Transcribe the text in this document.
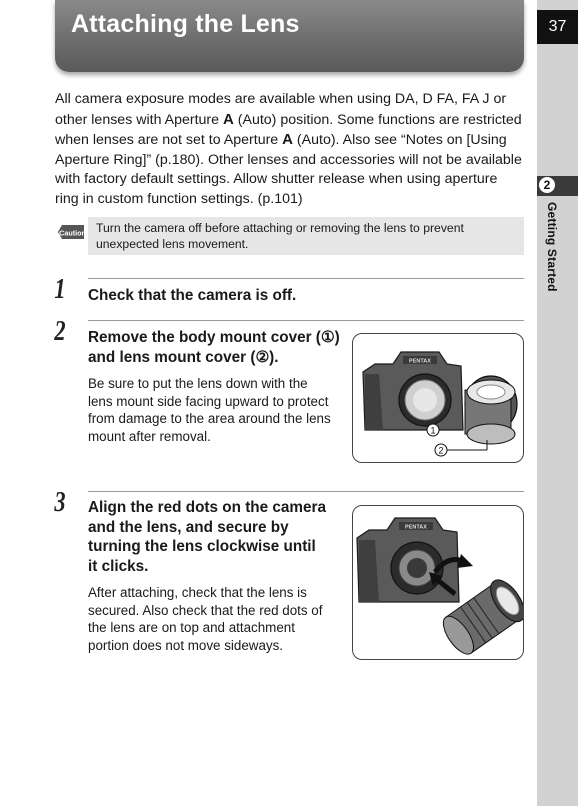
Attaching the Lens	37
2
Getting Started

All camera exposure modes are available when using DA, D FA, FA J or other lenses with Aperture A (Auto) position. Some functions are restricted when lenses are not set to Aperture A (Auto). Also see “Notes on [Using Aperture Ring]” (p.180). Other lenses and accessories will not be available with factory default settings. Allow shutter release when using aperture ring in custom function settings. (p.101)

Caution Turn the camera off before attaching or removing the lens to prevent unexpected lens movement.
1 Check that the camera is off.

2 Remove the body mount cover (①) and lens mount cover (②).

Be sure to put the lens down with the lens mount side facing upward to protect from damage to the area around the lens mount after removal.

PENTAX
1
2
3 Align the red dots on the camera and the lens, and secure by turning the lens clockwise until it clicks.

After attaching, check that the lens is secured. Also check that the red dots of the lens are on top and attachment portion does not move sideways.

PENTAX
